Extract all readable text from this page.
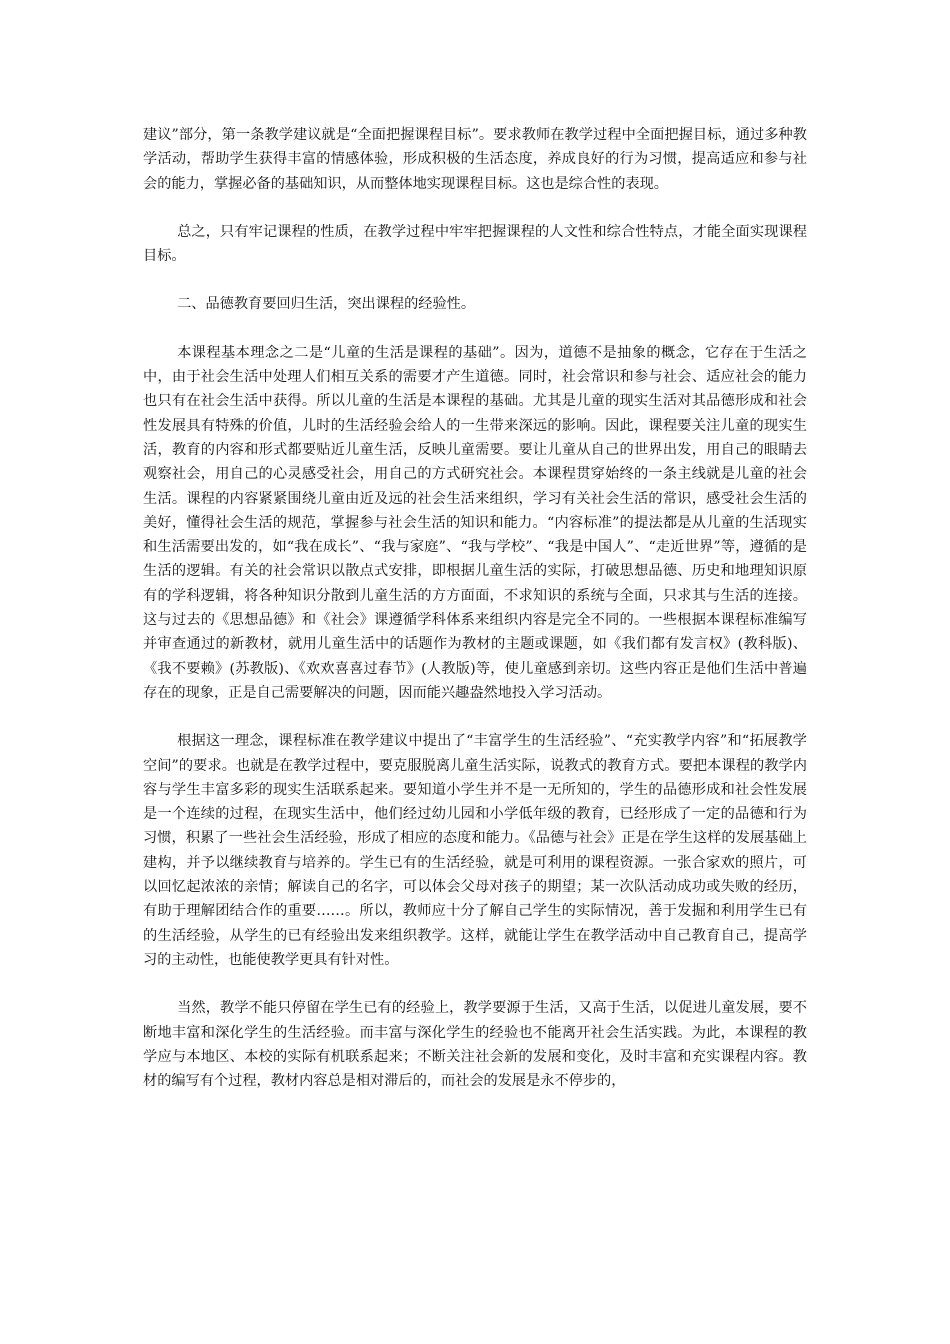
建议”部分，第一条教学建议就是“全面把握课程目标”。要求教师在教学过程中全面把握目标，通过多种教学活动，帮助学生获得丰富的情感体验，形成积极的生活态度，养成良好的行为习惯，提高适应和参与社会的能力，掌握必备的基础知识，从而整体地实现课程目标。这也是综合性的表现。

总之，只有牢记课程的性质，在教学过程中牢牢把握课程的人文性和综合性特点，才能全面实现课程目标。

二、品德教育要回归生活，突出课程的经验性。

本课程基本理念之二是“儿童的生活是课程的基础”。因为，道德不是抽象的概念，它存在于生活之中，由于社会生活中处理人们相互关系的需要才产生道德。同时，社会常识和参与社会、适应社会的能力也只有在社会生活中获得。所以儿童的生活是本课程的基础。尤其是儿童的现实生活对其品德形成和社会性发展具有特殊的价值，儿时的生活经验会给人的一生带来深远的影响。因此，课程要关注儿童的现实生活，教育的内容和形式都要贴近儿童生活，反映儿童需要。要让儿童从自己的世界出发，用自己的眼睛去观察社会，用自己的心灵感受社会，用自己的方式研究社会。本课程贯穿始终的一条主线就是儿童的社会生活。课程的内容紧紧围绕儿童由近及远的社会生活来组织，学习有关社会生活的常识，感受社会生活的美好，懂得社会生活的规范，掌握参与社会生活的知识和能力。“内容标准”的提法都是从儿童的生活现实和生活需要出发的，如“我在成长”、“我与家庭”、“我与学校”、“我是中国人”、“走近世界”等，遵循的是生活的逻辑。有关的社会常识以散点式安排，即根据儿童生活的实际，打破思想品德、历史和地理知识原有的学科逻辑，将各种知识分散到儿童生活的方方面面，不求知识的系统与全面，只求其与生活的连接。这与过去的《思想品德》和《社会》课遵循学科体系来组织内容是完全不同的。一些根据本课程标准编写并审查通过的新教材，就用儿童生活中的话题作为教材的主题或课题，如《我们都有发言权》(教科版)、《我不要赖》(苏教版)、《欢欢喜喜过春节》(人教版)等，使儿童感到亲切。这些内容正是他们生活中普遍存在的现象，正是自己需要解决的问题，因而能兴趣盎然地投入学习活动。

根据这一理念，课程标准在教学建议中提出了“丰富学生的生活经验”、“充实教学内容”和“拓展教学空间”的要求。也就是在教学过程中，要克服脱离儿童生活实际，说教式的教育方式。要把本课程的教学内容与学生丰富多彩的现实生活联系起来。要知道小学生并不是一无所知的，学生的品德形成和社会性发展是一个连续的过程，在现实生活中，他们经过幼儿园和小学低年级的教育，已经形成了一定的品德和行为习惯，积累了一些社会生活经验，形成了相应的态度和能力。《品德与社会》正是在学生这样的发展基础上建构，并予以继续教育与培养的。学生已有的生活经验，就是可利用的课程资源。一张合家欢的照片，可以回忆起浓浓的亲情；解读自己的名字，可以体会父母对孩子的期望；某一次队活动成功或失败的经历，有助于理解团结合作的重要……。所以，教师应十分了解自己学生的实际情况，善于发掘和利用学生已有的生活经验，从学生的已有经验出发来组织教学。这样，就能让学生在教学活动中自己教育自己，提高学习的主动性，也能使教学更具有针对性。

当然，教学不能只停留在学生已有的经验上，教学要源于生活，又高于生活，以促进儿童发展，要不断地丰富和深化学生的生活经验。而丰富与深化学生的经验也不能离开社会生活实践。为此，本课程的教学应与本地区、本校的实际有机联系起来；不断关注社会新的发展和变化，及时丰富和充实课程内容。教材的编写有个过程，教材内容总是相对滞后的，而社会的发展是永不停步的，
